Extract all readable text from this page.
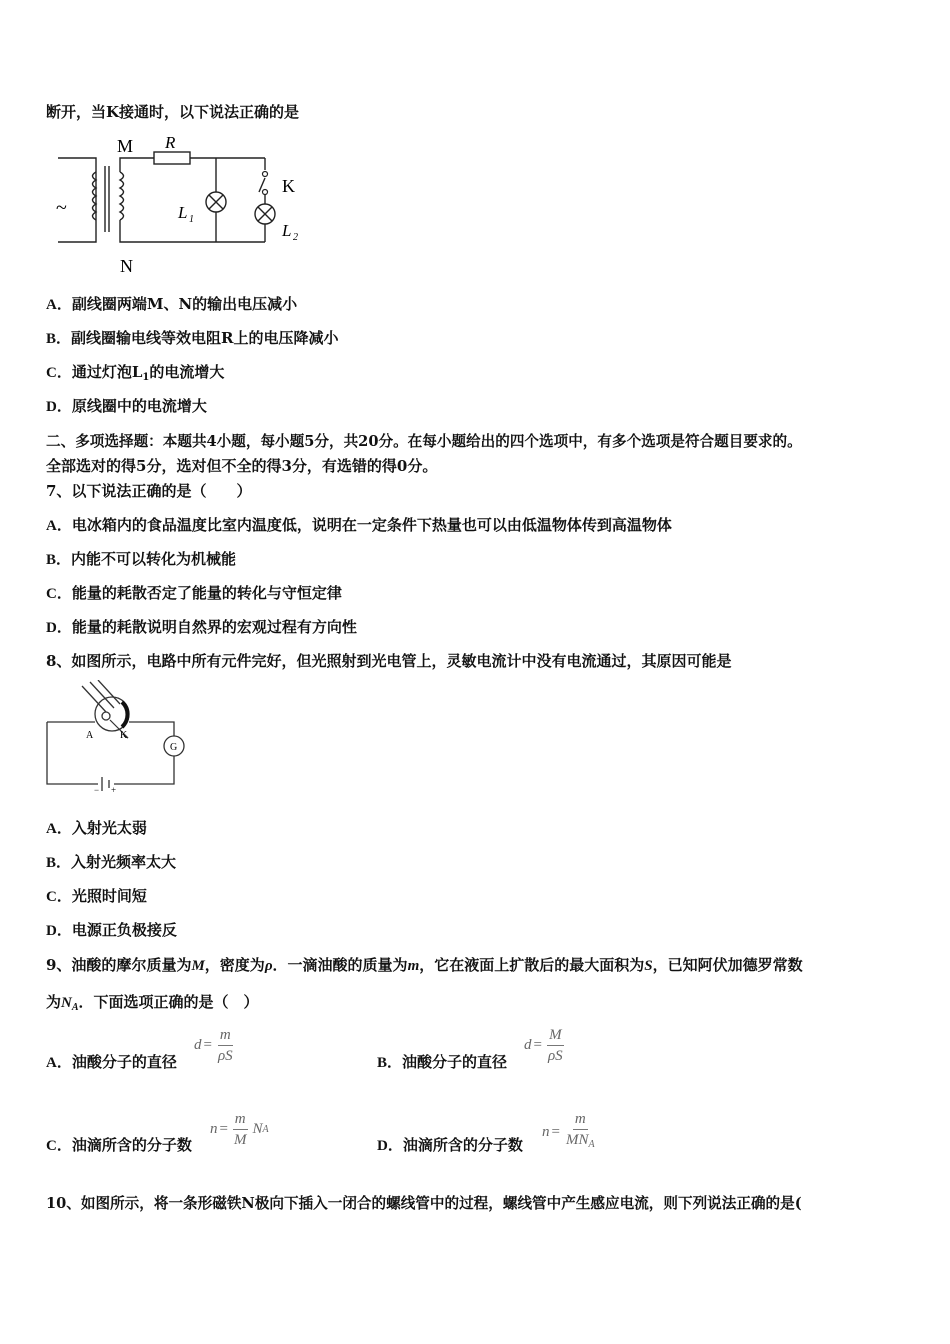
断开，当K接通时，以下说法正确的是
~
M
N
R
K
L 1
L 2
A．副线圈两端M、N的输出电压减小
B．副线圈输电线等效电阻R上的电压降减小
C．通过灯泡$L_1$的电流增大
D．原线圈中的电流增大
二、多项选择题：本题共4小题，每小题5分，共20分。在每小题给出的四个选项中，有多个选项是符合题目要求的。
全部选对的得5分，选对但不全的得3分，有选错的得0分。
7、以下说法正确的是（　　）
A．电冰箱内的食品温度比室内温度低，说明在一定条件下热量也可以由低温物体传到高温物体
B．内能不可以转化为机械能
C．能量的耗散否定了能量的转化与守恒定律
D．能量的耗散说明自然界的宏观过程有方向性
8、如图所示，电路中所有元件完好，但光照射到光电管上，灵敏电流计中没有电流通过，其原因可能是
A	K
G
− +
A．入射光太弱
B．入射光频率太大
C．光照时间短
D．电源正负极接反
9、油酸的摩尔质量为M，密度为ρ．一滴油酸的质量为m，它在液面上扩散后的最大面积为S，已知阿伏加德罗常数
为$N_A$．下面选项正确的是（　）
A．油酸分子的直径
$d = \frac{m}{\rho S}$	B．油酸分子的直径
$d = \frac{M}{\rho S}$
C．油滴所含的分子数
$n = \frac{m}{M}$ N A
D．油滴所含的分子数
$n = \frac{m}{MN_A}$
10、如图所示，将一条形磁铁N极向下插入一闭合的螺线管中的过程，螺线管中产生感应电流，则下列说法正确的是(
